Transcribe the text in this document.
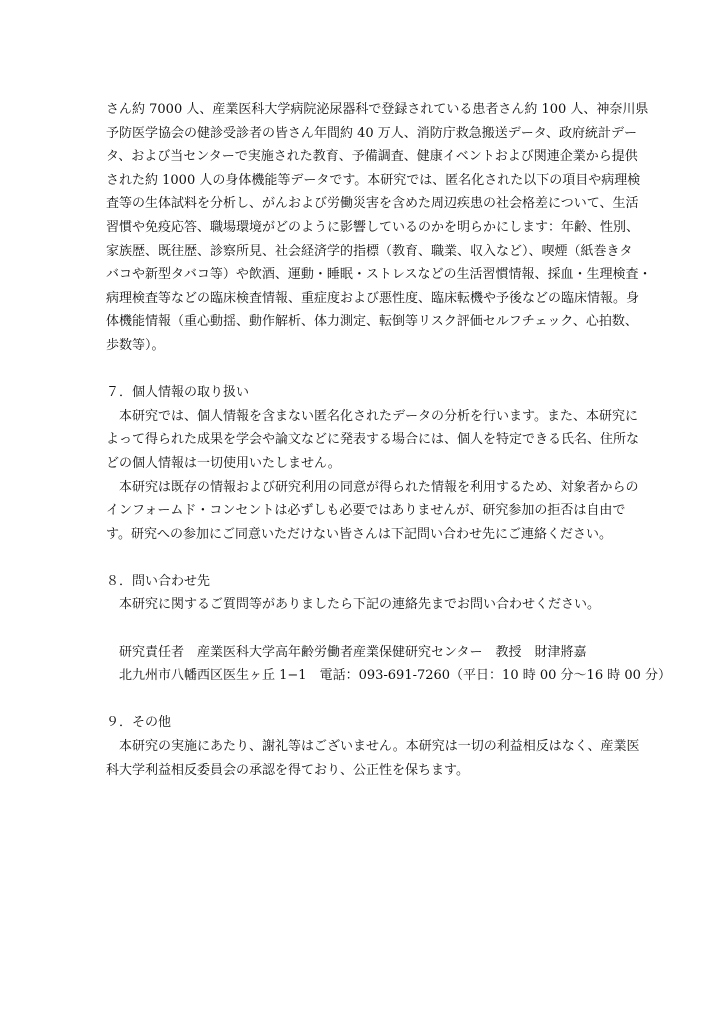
さん約 7000 人、産業医科大学病院泌尿器科で登録されている患者さん約 100 人、神奈川県
予防医学協会の健診受診者の皆さん年間約 40 万人、消防庁救急搬送データ、政府統計デー
タ、および当センターで実施された教育、予備調査、健康イベントおよび関連企業から提供
された約 1000 人の身体機能等データです。本研究では、匿名化された以下の項目や病理検
査等の生体試料を分析し、がんおよび労働災害を含めた周辺疾患の社会格差について、生活
習慣や免疫応答、職場環境がどのように影響しているのかを明らかにします：年齢、性別、
家族歴、既往歴、診察所見、社会経済学的指標（教育、職業、収入など）、喫煙（紙巻きタ
バコや新型タバコ等）や飲酒、運動・睡眠・ストレスなどの生活習慣情報、採血・生理検査・
病理検査等などの臨床検査情報、重症度および悪性度、臨床転機や予後などの臨床情報。身
体機能情報（重心動揺、動作解析、体力測定、転倒等リスク評価セルフチェック、心拍数、
歩数等）。
７．個人情報の取り扱い
本研究では、個人情報を含まない匿名化されたデータの分析を行います。また、本研究に
よって得られた成果を学会や論文などに発表する場合には、個人を特定できる氏名、住所な
どの個人情報は一切使用いたしません。
本研究は既存の情報および研究利用の同意が得られた情報を利用するため、対象者からの
インフォームド・コンセントは必ずしも必要ではありませんが、研究参加の拒否は自由で
す。研究への参加にご同意いただけない皆さんは下記問い合わせ先にご連絡ください。
８．問い合わせ先
本研究に関するご質問等がありましたら下記の連絡先までお問い合わせください。
研究責任者　産業医科大学高年齢労働者産業保健研究センター　教授　財津將嘉
北九州市八幡西区医生ヶ丘 1−1　電話：093-691-7260（平日：10 時 00 分〜16 時 00 分）
９．その他
本研究の実施にあたり、謝礼等はございません。本研究は一切の利益相反はなく、産業医
科大学利益相反委員会の承認を得ており、公正性を保ちます。
